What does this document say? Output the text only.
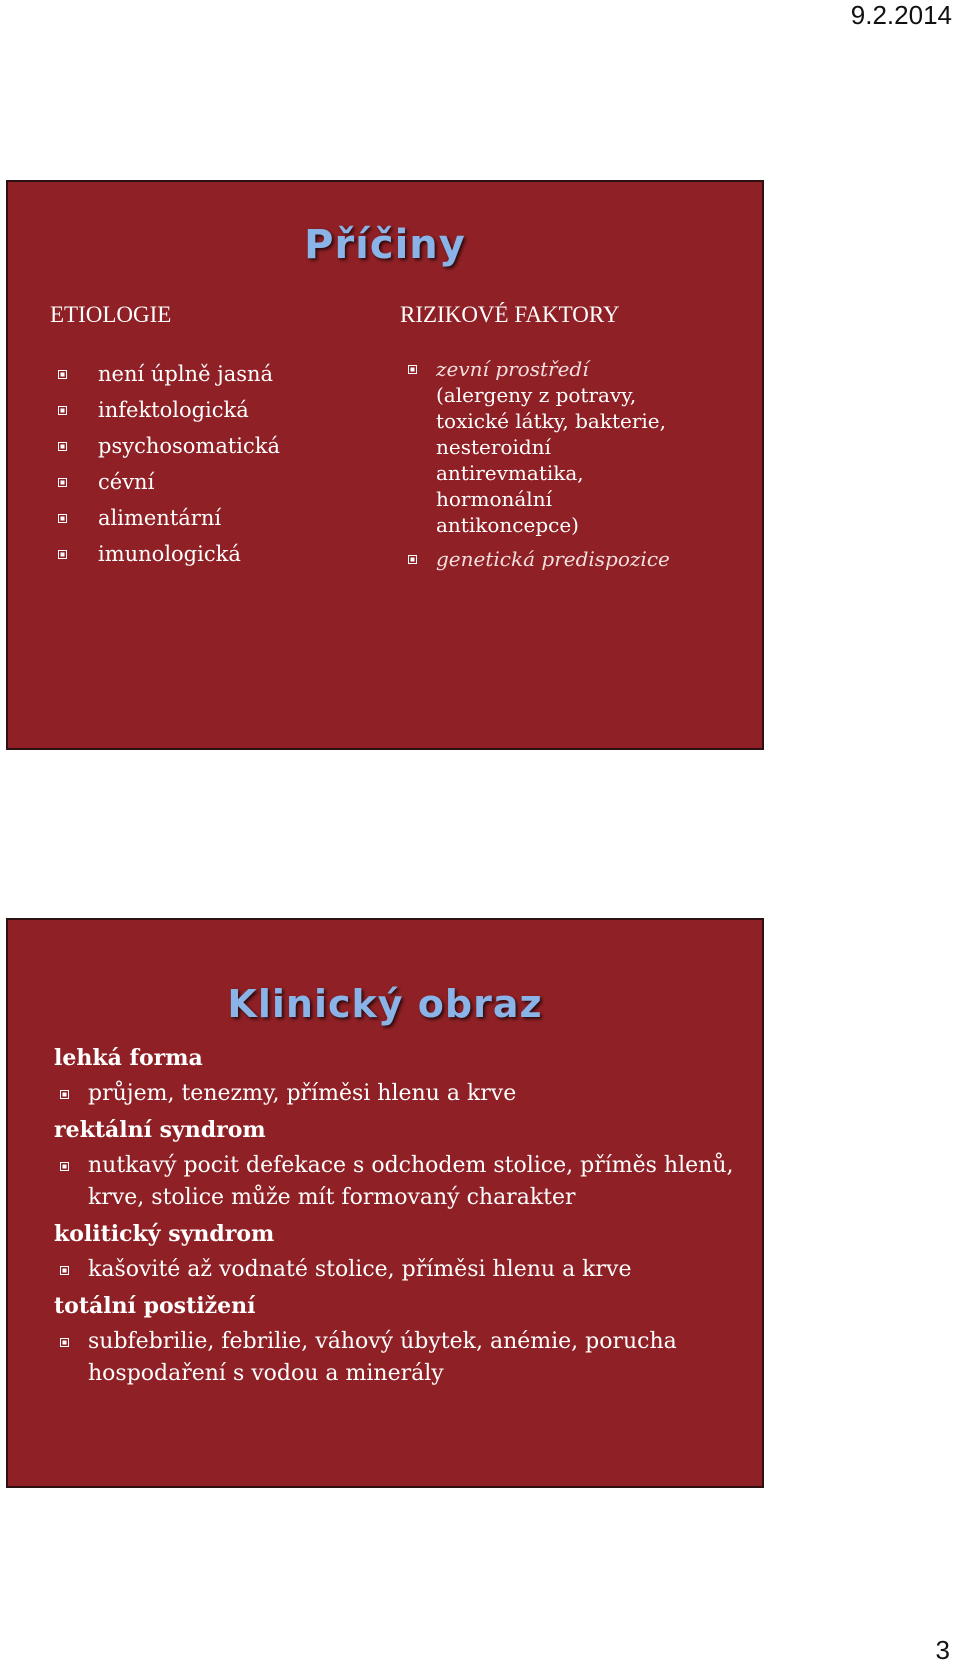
9.2.2014
Příčiny
ETIOLOGIE
není úplně jasná
infektologická
psychosomatická
cévní
alimentární
imunologická
RIZIKOVÉ FAKTORY
zevní prostředí
(alergeny z potravy,
toxické látky, bakterie,
nesteroidní
antirevmatika,
hormonální
antikoncepce)
genetická predispozice
Klinický obraz
lehká forma
průjem, tenezmy, příměsi hlenu a krve
rektální syndrom
nutkavý pocit defekace s odchodem stolice, příměs hlenů, krve, stolice může mít formovaný charakter
kolitický syndrom
kašovité až vodnaté stolice, příměsi hlenu a krve
totální postižení
subfebrilie, febrilie, váhový úbytek, anémie, porucha hospodaření s vodou a minerály
3
